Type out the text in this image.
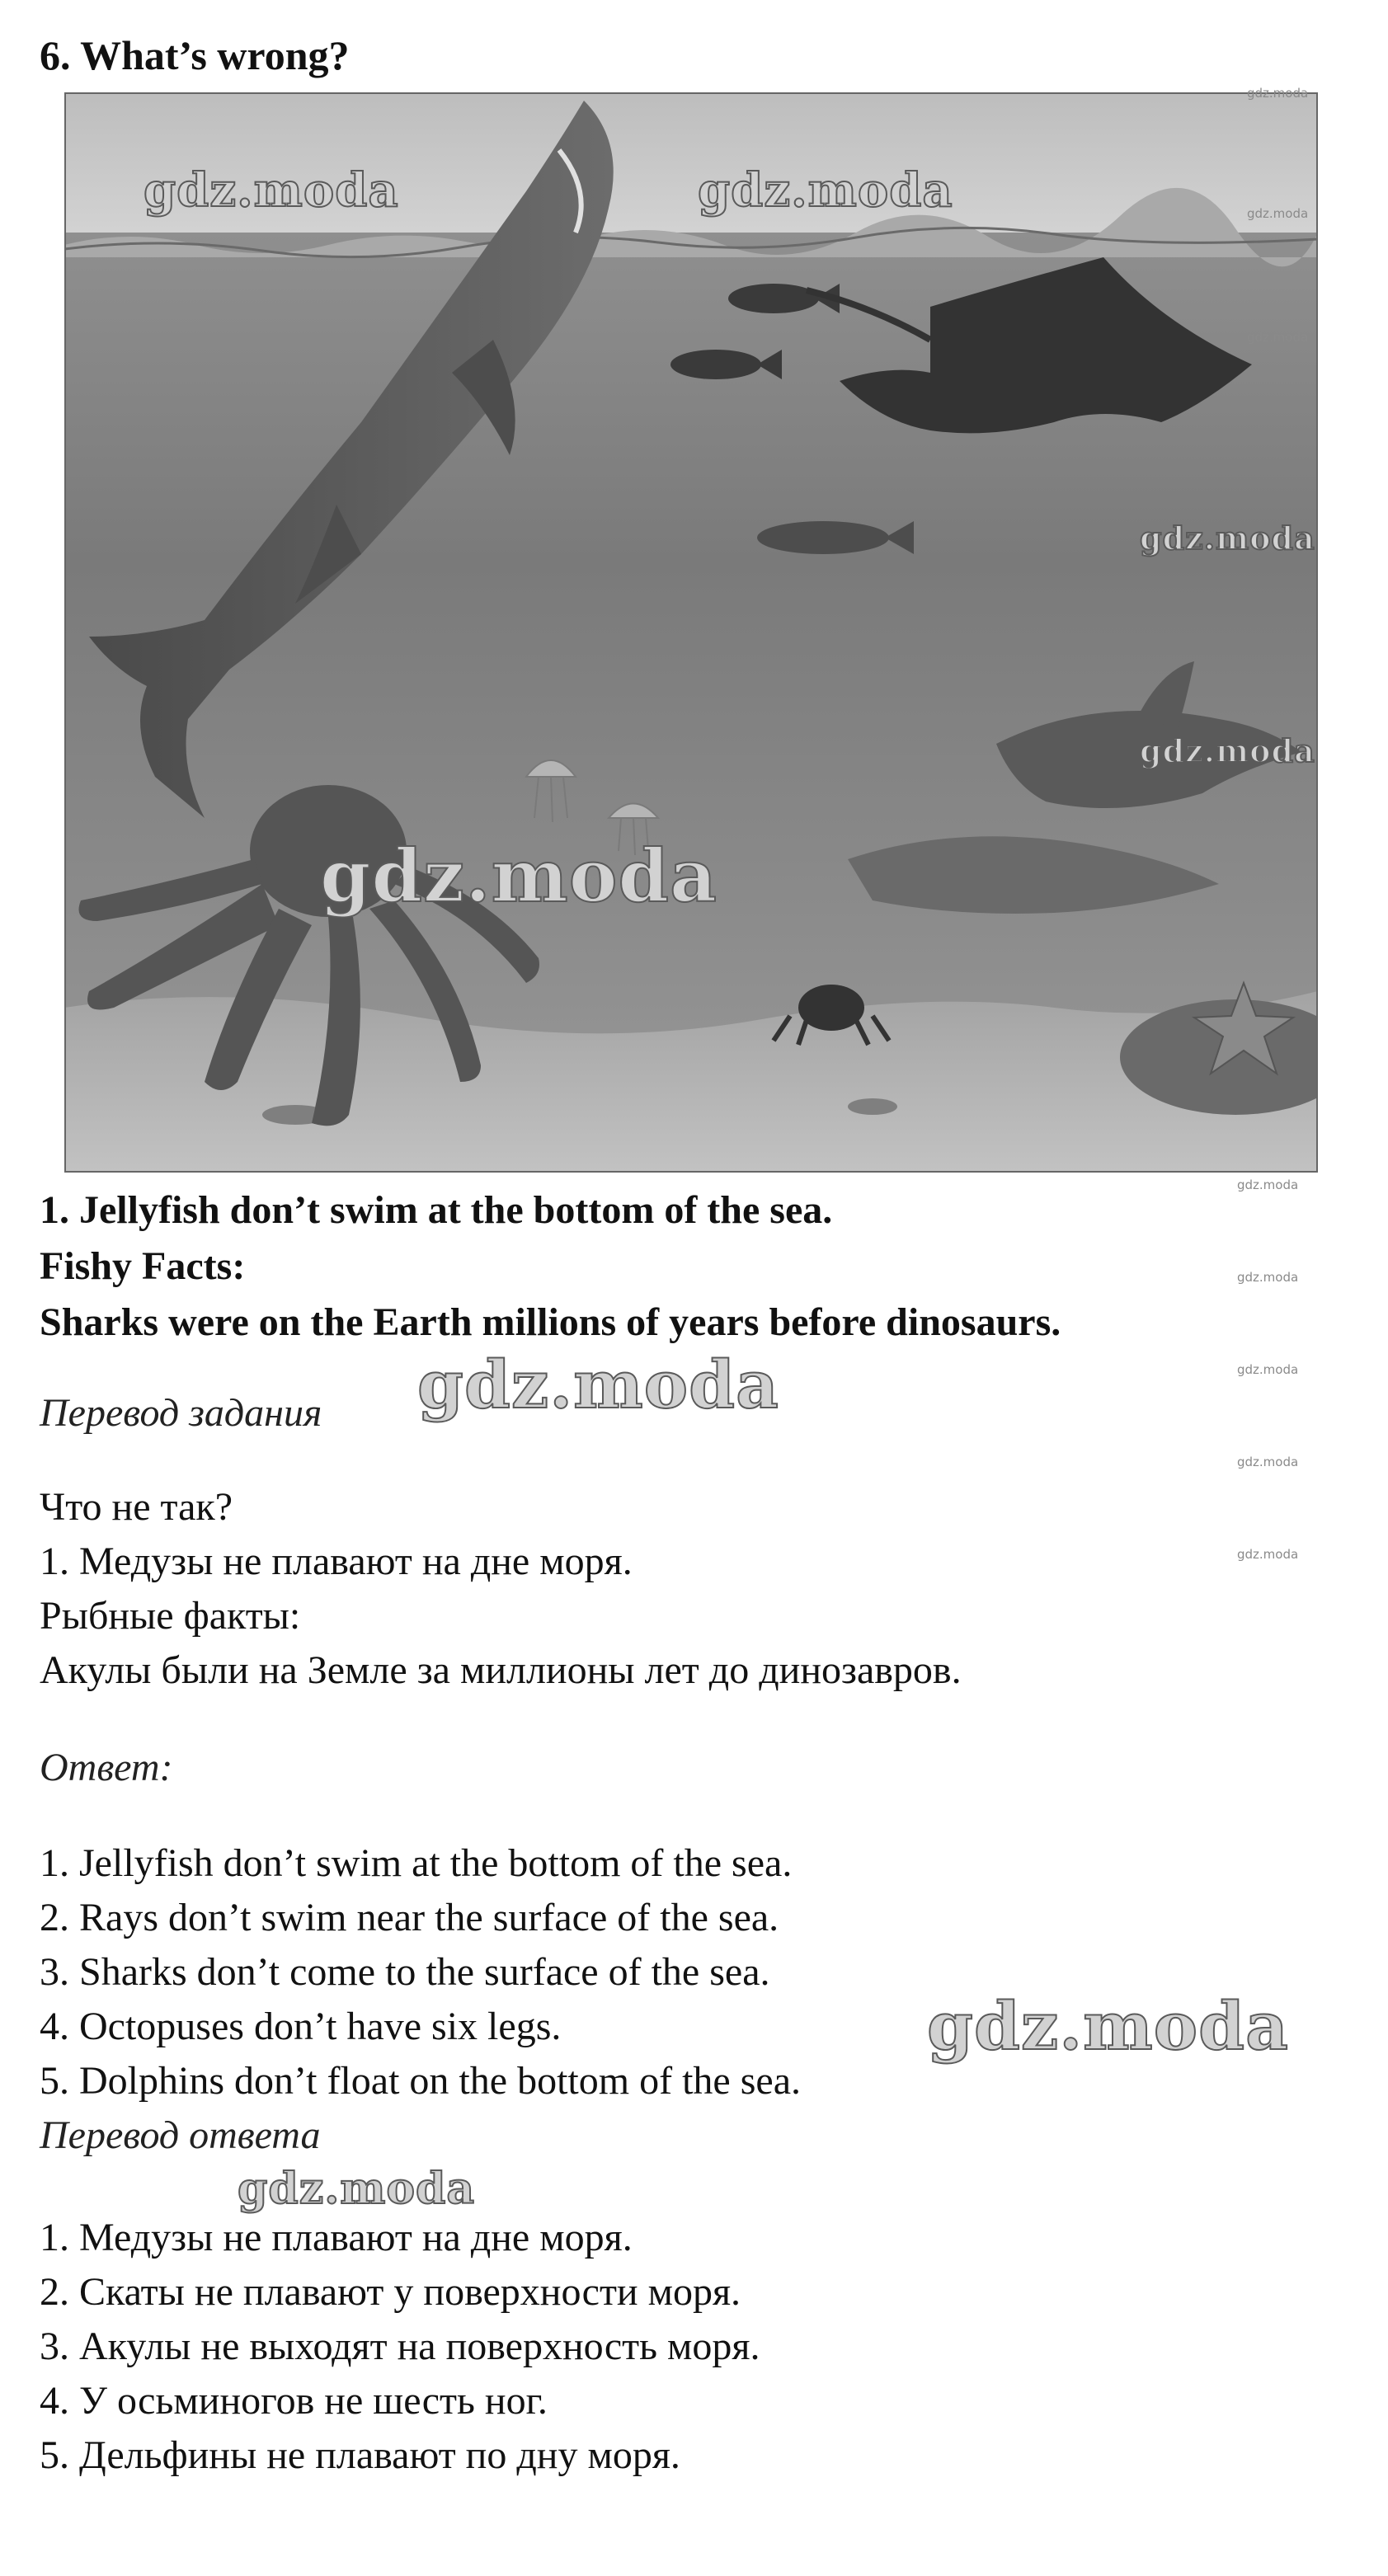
6. What’s wrong?
gdz.moda	gdz.moda
gdz.moda
gdz.moda
gdz.moda
gdz.moda
gdz.moda
gdz.moda
gdz.moda
gdz.moda
gdz.moda
gdz.moda
gdz.moda
gdz.moda
gdz.moda
gdz.moda
1. Jellyfish don’t swim at the bottom of the sea.
Fishy Facts:
Sharks were on the Earth millions of years before dinosaurs.
Перевод задания
Что не так?
1. Медузы не плавают на дне моря.
Рыбные факты:
Акулы были на Земле за миллионы лет до динозавров.
Ответ:
1. Jellyfish don’t swim at the bottom of the sea.
2. Rays don’t swim near the surface of the sea.
3. Sharks don’t come to the surface of the sea.
4. Octopuses don’t have six legs.
5. Dolphins don’t float on the bottom of the sea.
Перевод ответа
1. Медузы не плавают на дне моря.
2. Скаты не плавают у поверхности моря.
3. Акулы не выходят на поверхность моря.
4. У осьминогов не шесть ног.
5. Дельфины не плавают по дну моря.
